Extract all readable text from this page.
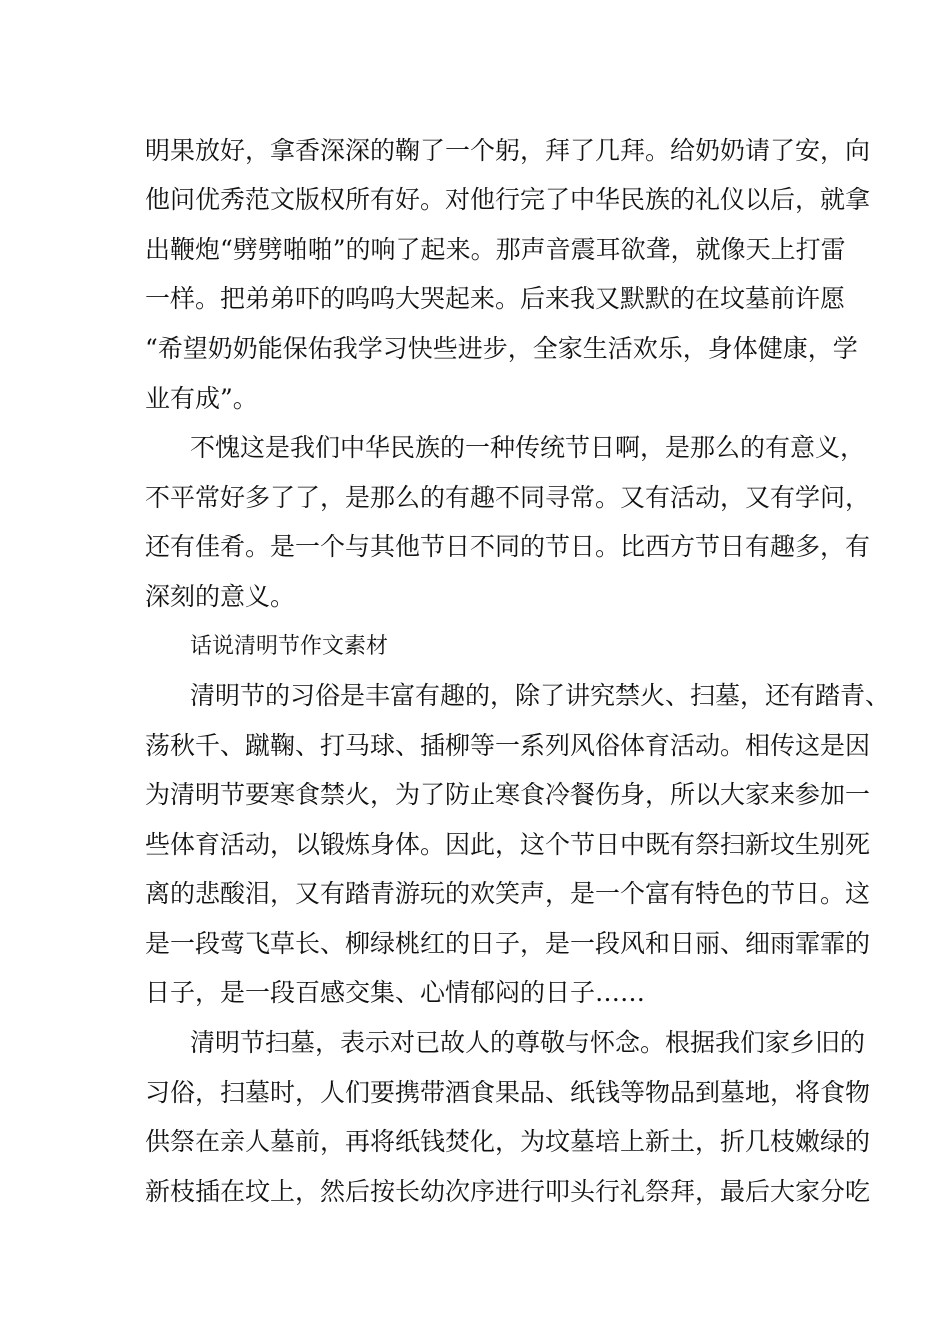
明果放好，拿香深深的鞠了一个躬，拜了几拜。给奶奶请了安，向

他问优秀范文版权所有好。对他行完了中华民族的礼仪以后，就拿

出鞭炮“劈劈啪啪”的响了起来。那声音震耳欲聋，就像天上打雷

一样。把弟弟吓的呜呜大哭起来。后来我又默默的在坟墓前许愿

“希望奶奶能保佑我学习快些进步，全家生活欢乐，身体健康，学

业有成”。

不愧这是我们中华民族的一种传统节日啊，是那么的有意义，

不平常好多了了，是那么的有趣不同寻常。又有活动，又有学问，

还有佳肴。是一个与其他节日不同的节日。比西方节日有趣多，有

深刻的意义。

话说清明节作文素材

清明节的习俗是丰富有趣的，除了讲究禁火、扫墓，还有踏青、

荡秋千、蹴鞠、打马球、插柳等一系列风俗体育活动。相传这是因

为清明节要寒食禁火，为了防止寒食冷餐伤身，所以大家来参加一

些体育活动，以锻炼身体。因此，这个节日中既有祭扫新坟生别死

离的悲酸泪，又有踏青游玩的欢笑声，是一个富有特色的节日。这

是一段莺飞草长、柳绿桃红的日子，是一段风和日丽、细雨霏霏的

日子，是一段百感交集、心情郁闷的日子……

清明节扫墓，表示对已故人的尊敬与怀念。根据我们家乡旧的

习俗，扫墓时，人们要携带酒食果品、纸钱等物品到墓地，将食物

供祭在亲人墓前，再将纸钱焚化，为坟墓培上新土，折几枝嫩绿的

新枝插在坟上，然后按长幼次序进行叩头行礼祭拜，最后大家分吃
